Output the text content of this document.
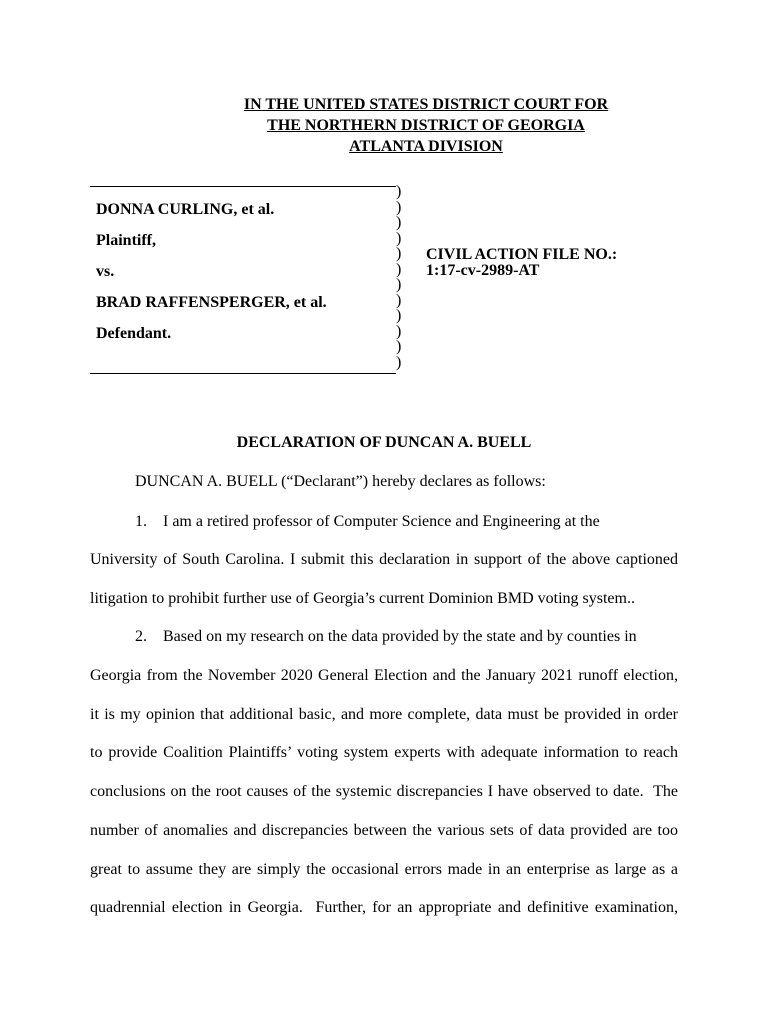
IN THE UNITED STATES DISTRICT COURT FOR
THE NORTHERN DISTRICT OF GEORGIA
ATLANTA DIVISION
DONNA CURLING, et al.
Plaintiff,
vs.
BRAD RAFFENSPERGER, et al.
Defendant.
)
)
)
)
)
)
)
)
)
)
)
)
CIVIL ACTION FILE NO.:
1:17-cv-2989-AT
DECLARATION OF DUNCAN A. BUELL
DUNCAN A. BUELL (“Declarant”) hereby declares as follows:
1.    I am a retired professor of Computer Science and Engineering at the
University of South Carolina. I submit this declaration in support of the above captioned
litigation to prohibit further use of Georgia’s current Dominion BMD voting system..
2.    Based on my research on the data provided by the state and by counties in
Georgia from the November 2020 General Election and the January 2021 runoff election,
it is my opinion that additional basic, and more complete, data must be provided in order
to provide Coalition Plaintiffs’ voting system experts with adequate information to reach
conclusions on the root causes of the systemic discrepancies I have observed to date.  The
number of anomalies and discrepancies between the various sets of data provided are too
great to assume they are simply the occasional errors made in an enterprise as large as a
quadrennial election in Georgia.  Further, for an appropriate and definitive examination,
